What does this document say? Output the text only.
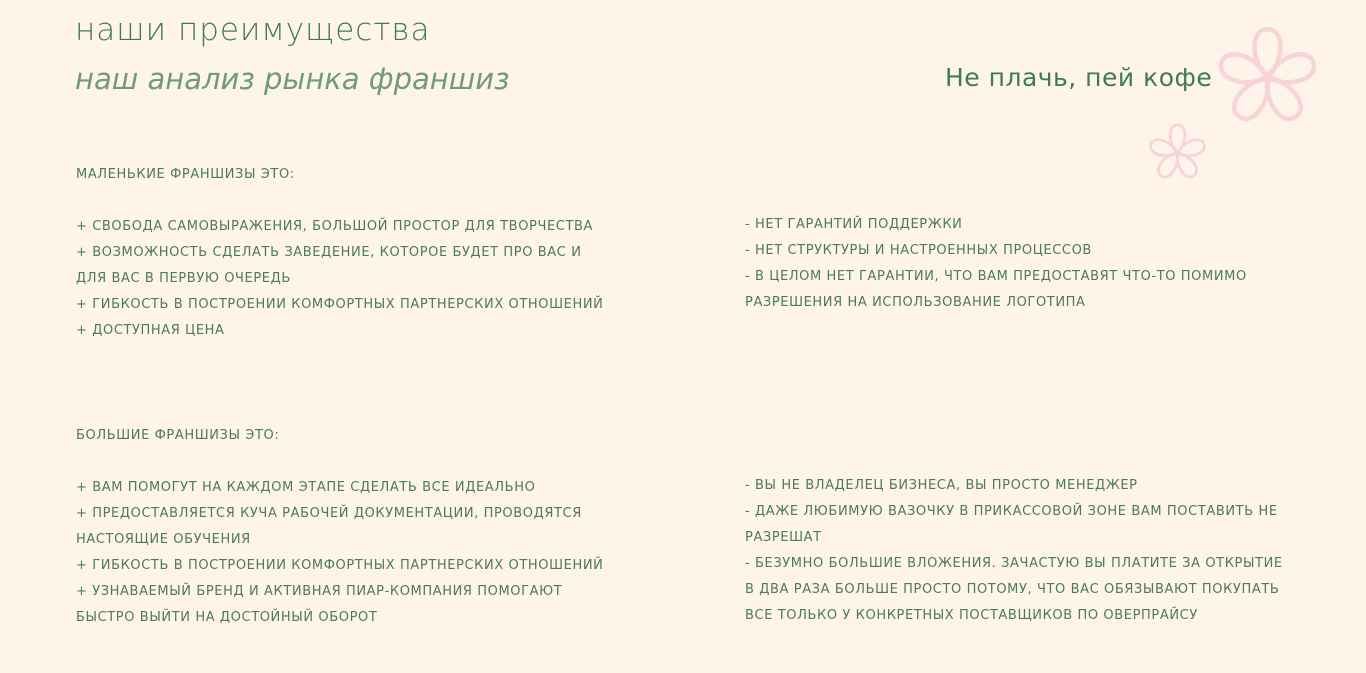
наши преимущества
наш анализ рынка франшиз	Не плачь, пей кофе
МАЛЕНЬКИЕ ФРАНШИЗЫ ЭТО:
+ СВОБОДА САМОВЫРАЖЕНИЯ, БОЛЬШОЙ ПРОСТОР ДЛЯ ТВОРЧЕСТВА
+ ВОЗМОЖНОСТЬ СДЕЛАТЬ ЗАВЕДЕНИЕ, КОТОРОЕ БУДЕТ ПРО ВАС И ДЛЯ ВАС В ПЕРВУЮ ОЧЕРЕДЬ
+ ГИБКОСТЬ В ПОСТРОЕНИИ КОМФОРТНЫХ ПАРТНЕРСКИХ ОТНОШЕНИЙ
+ ДОСТУПНАЯ ЦЕНА
- НЕТ ГАРАНТИЙ ПОДДЕРЖКИ
- НЕТ СТРУКТУРЫ И НАСТРОЕННЫХ ПРОЦЕССОВ
- В ЦЕЛОМ НЕТ ГАРАНТИИ, ЧТО ВАМ ПРЕДОСТАВЯТ ЧТО-ТО ПОМИМО РАЗРЕШЕНИЯ НА ИСПОЛЬЗОВАНИЕ ЛОГОТИПА
БОЛЬШИЕ ФРАНШИЗЫ ЭТО:
+ ВАМ ПОМОГУТ НА КАЖДОМ ЭТАПЕ СДЕЛАТЬ ВСЕ ИДЕАЛЬНО
+ ПРЕДОСТАВЛЯЕТСЯ КУЧА РАБОЧЕЙ ДОКУМЕНТАЦИИ, ПРОВОДЯТСЯ НАСТОЯЩИЕ ОБУЧЕНИЯ
+ ГИБКОСТЬ В ПОСТРОЕНИИ КОМФОРТНЫХ ПАРТНЕРСКИХ ОТНОШЕНИЙ
+ УЗНАВАЕМЫЙ БРЕНД И АКТИВНАЯ ПИАР-КОМПАНИЯ ПОМОГАЮТ БЫСТРО ВЫЙТИ НА ДОСТОЙНЫЙ ОБОРОТ
- ВЫ НЕ ВЛАДЕЛЕЦ БИЗНЕСА, ВЫ ПРОСТО МЕНЕДЖЕР
- ДАЖЕ ЛЮБИМУЮ ВАЗОЧКУ В ПРИКАССОВОЙ ЗОНЕ ВАМ ПОСТАВИТЬ НЕ РАЗРЕШАТ
- БЕЗУМНО БОЛЬШИЕ ВЛОЖЕНИЯ. ЗАЧАСТУЮ ВЫ ПЛАТИТЕ ЗА ОТКРЫТИЕ В ДВА РАЗА БОЛЬШЕ ПРОСТО ПОТОМУ, ЧТО ВАС ОБЯЗЫВАЮТ ПОКУПАТЬ ВСЕ ТОЛЬКО У КОНКРЕТНЫХ ПОСТАВЩИКОВ ПО ОВЕРПРАЙСУ
